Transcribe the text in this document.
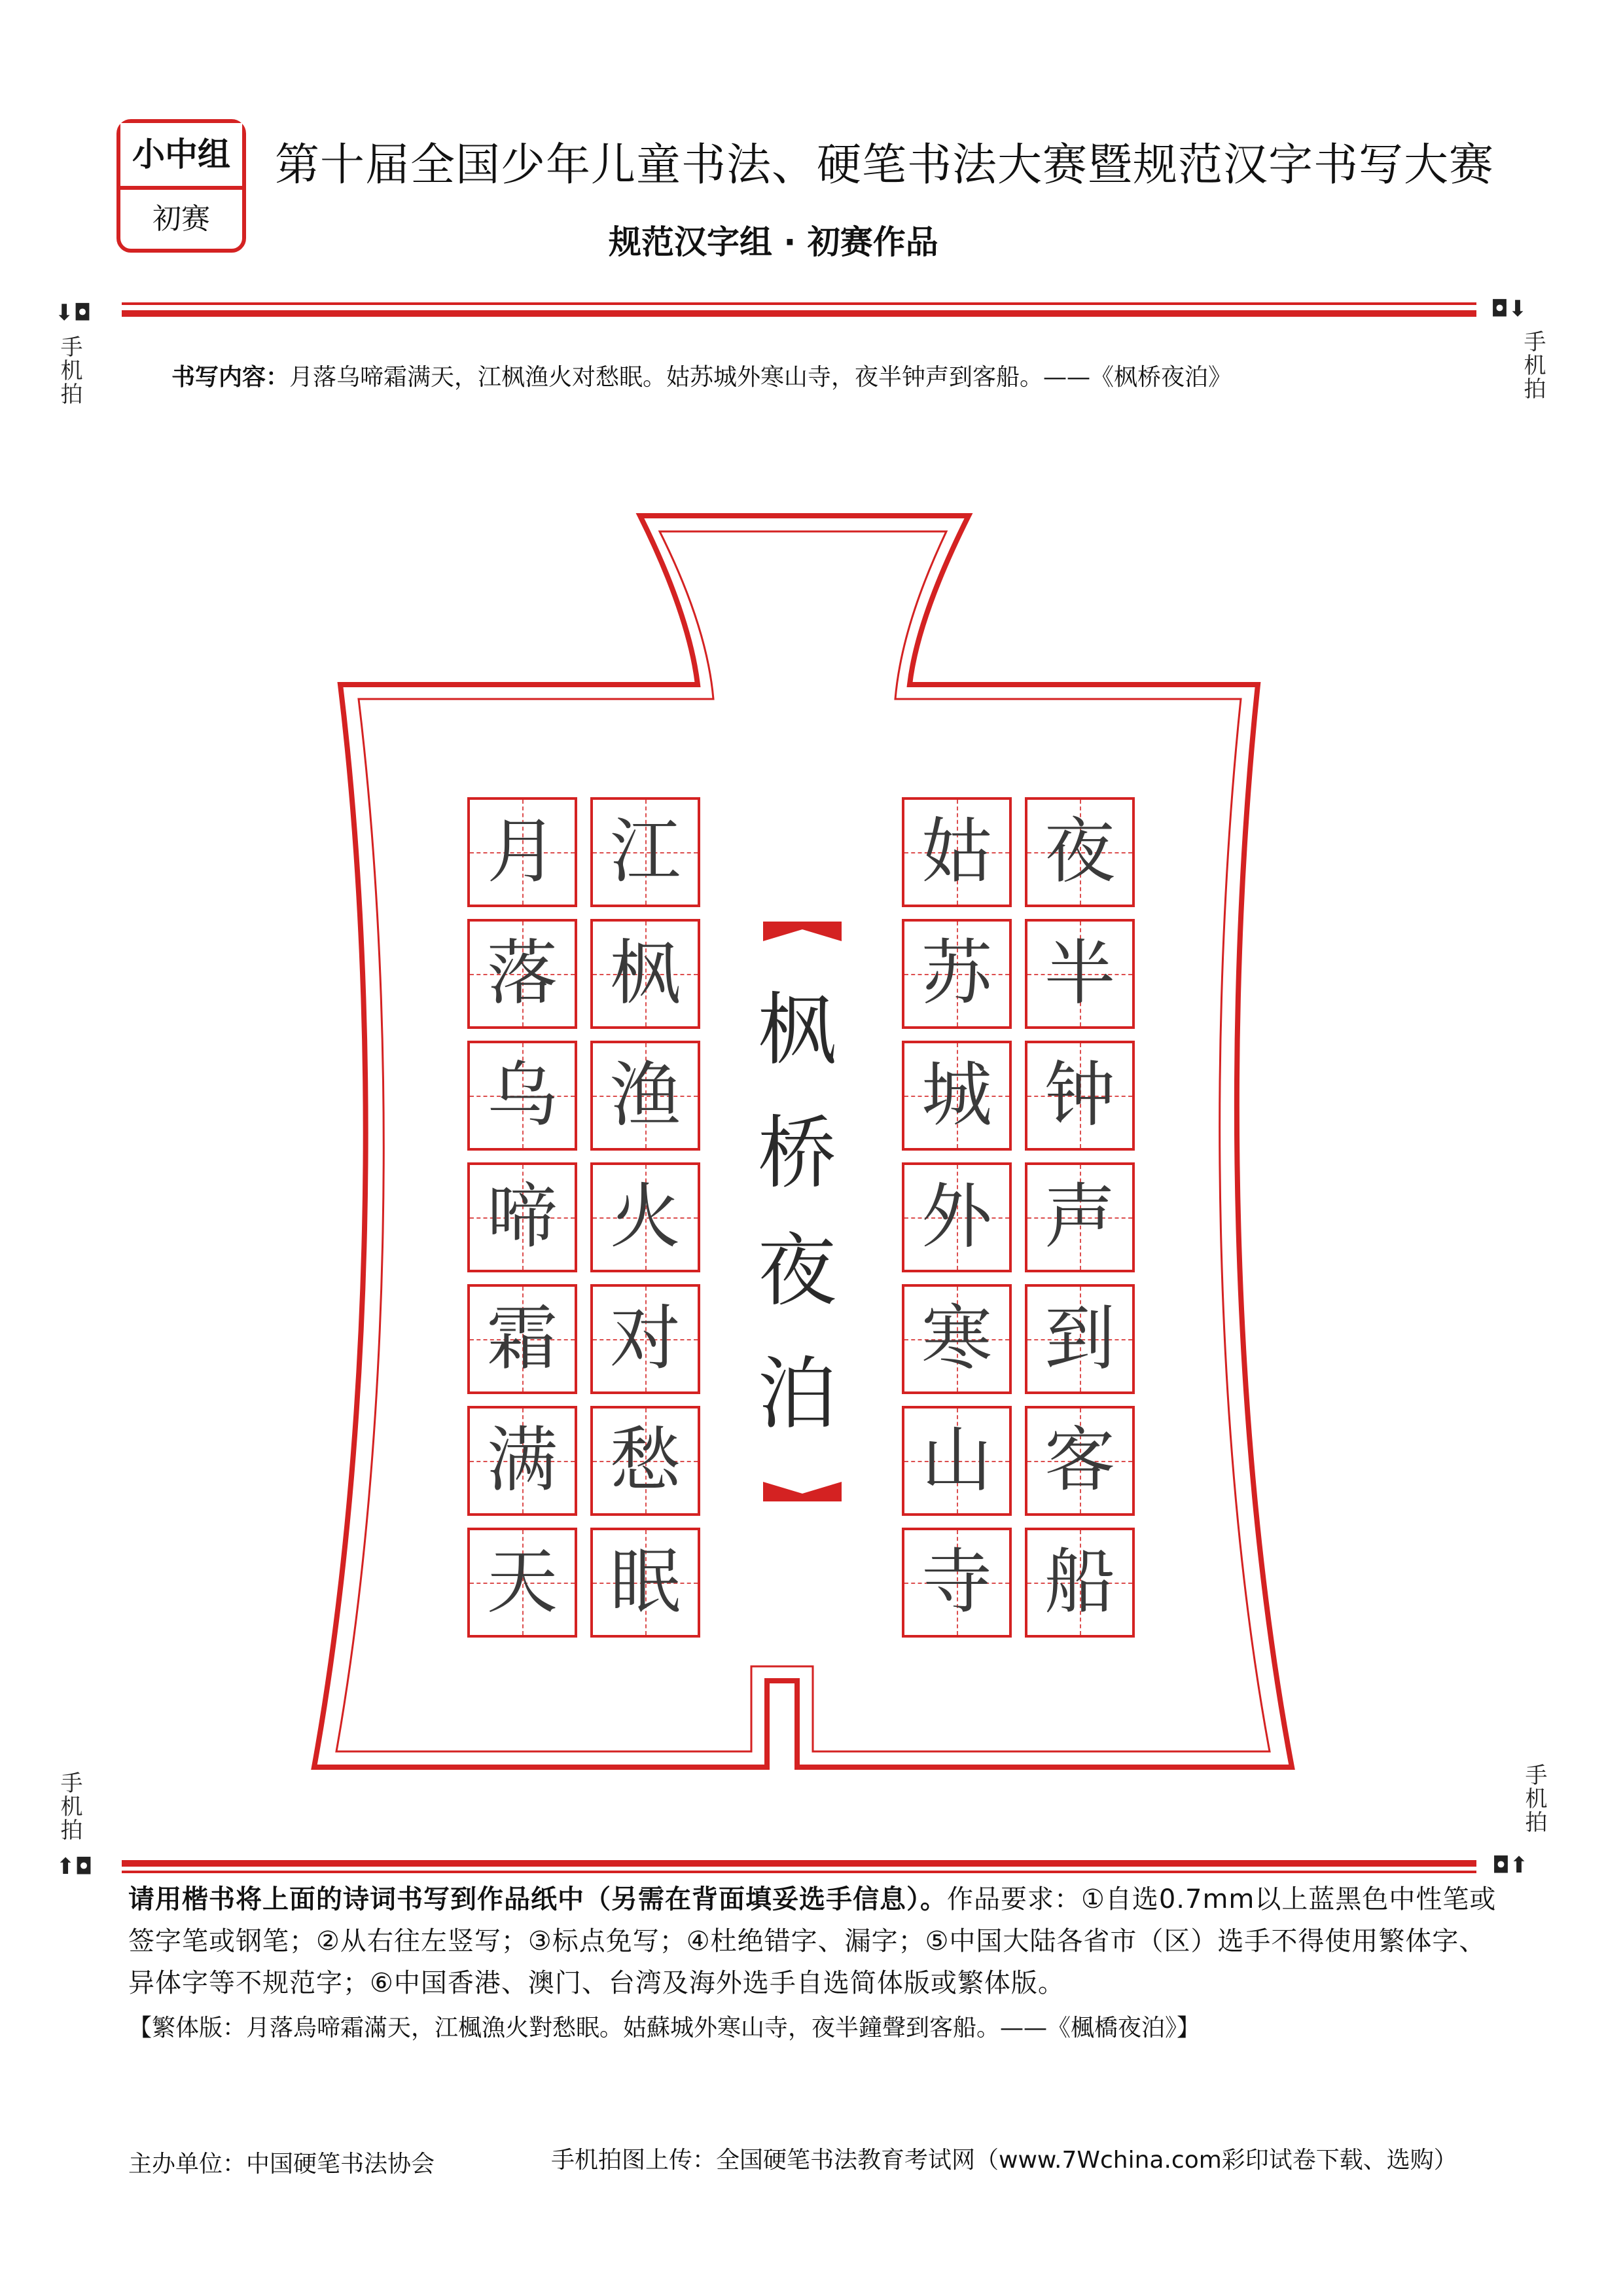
小中组
初赛
第十届全国少年儿童书法、硬笔书法大赛暨规范汉字书写大赛
规范汉字组 · 初赛作品
⬇◘
手机拍
◘⬇
手机拍
书写内容：月落乌啼霜满天，江枫渔火对愁眠。姑苏城外寒山寺，夜半钟声到客船。——《枫桥夜泊》
枫
桥
夜
泊
月
落
乌
啼
霜
满
天
江
枫
渔
火
对
愁
眠
姑
苏
城
外
寒
山
寺
夜
半
钟
声
到
客
船
手机拍
⬆◘
手机拍
◘⬆
请用楷书将上面的诗词书写到作品纸中（另需在背面填妥选手信息）。作品要求：①自选0.7mm以上蓝黑色中性笔或签字笔或钢笔；②从右往左竖写；③标点免写；④杜绝错字、漏字；⑤中国大陆各省市（区）选手不得使用繁体字、异体字等不规范字；⑥中国香港、澳门、台湾及海外选手自选简体版或繁体版。
【繁体版：月落烏啼霜滿天，江楓漁火對愁眠。姑蘇城外寒山寺，夜半鐘聲到客船。——《楓橋夜泊》】
主办单位：中国硬笔书法协会	手机拍图上传：全国硬笔书法教育考试网（www.7Wchina.com彩印试卷下载、选购）
